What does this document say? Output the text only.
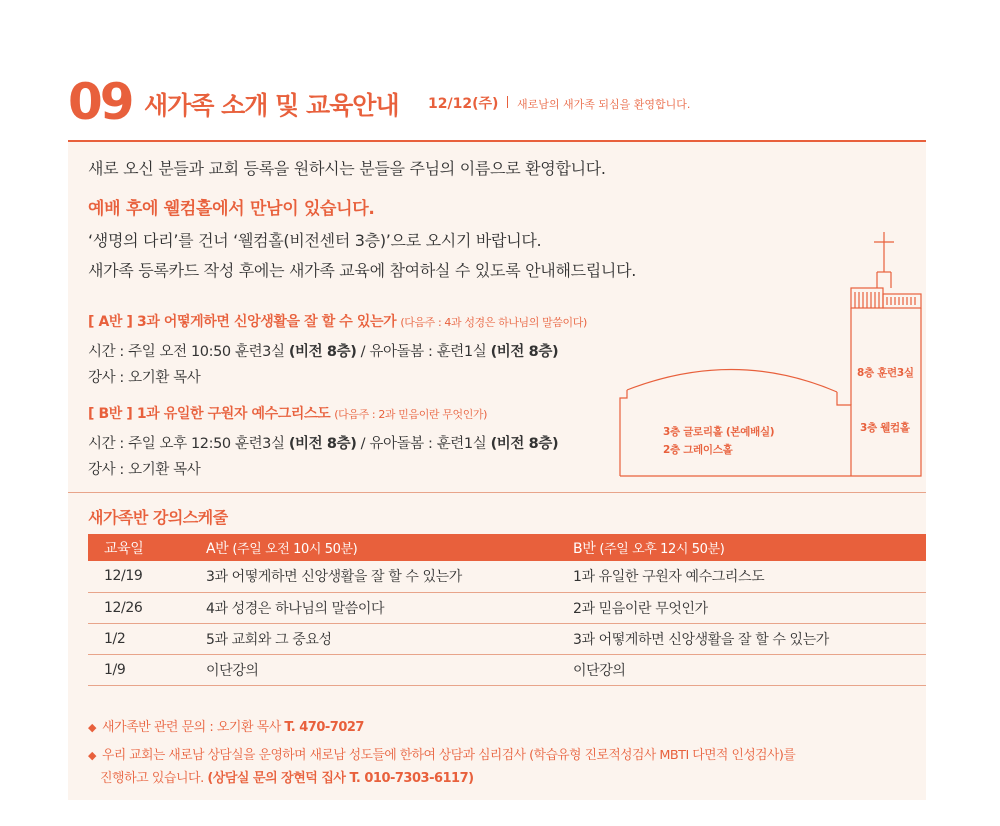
09 새가족 소개 및 교육안내 12/12(주) 새로남의 새가족 되심을 환영합니다.
새로 오신 분들과 교회 등록을 원하시는 분들을 주님의 이름으로 환영합니다.
예배 후에 웰컴홀에서 만남이 있습니다.
‘생명의 다리’를 건너 ‘웰컴홀(비전센터 3층)’으로 오시기 바랍니다.
새가족 등록카드 작성 후에는 새가족 교육에 참여하실 수 있도록 안내해드립니다.
[ A반 ] 3과 어떻게하면 신앙생활을 잘 할 수 있는가 (다음주 : 4과 성경은 하나님의 말씀이다)
시간 : 주일 오전 10:50 훈련3실 (비전 8층) / 유아돌봄 : 훈련1실 (비전 8층)
강사 : 오기환 목사
[ B반 ] 1과 유일한 구원자 예수그리스도 (다음주 : 2과 믿음이란 무엇인가)
시간 : 주일 오후 12:50 훈련3실 (비전 8층) / 유아돌봄 : 훈련1실 (비전 8층)
강사 : 오기환 목사
8층 훈련3실
3층 웰컴홀
3층 글로리홀 (본예배실)
2층 그레이스홀
새가족반 강의스케줄
교육일	A반 (주일 오전 10시 50분)	B반 (주일 오후 12시 50분)
12/19	3과 어떻게하면 신앙생활을 잘 할 수 있는가	1과 유일한 구원자 예수그리스도
12/26	4과 성경은 하나님의 말씀이다	2과 믿음이란 무엇인가
1/2	5과 교회와 그 중요성	3과 어떻게하면 신앙생활을 잘 할 수 있는가
1/9	이단강의	이단강의
◆ 새가족반 관련 문의 : 오기환 목사 T. 470-7027
◆ 우리 교회는 새로남 상담실을 운영하며 새로남 성도들에 한하여 상담과 심리검사 (학습유형 진로적성검사 MBTI 다면적 인성검사)를
진행하고 있습니다. (상담실 문의 장현덕 집사 T. 010-7303-6117)
